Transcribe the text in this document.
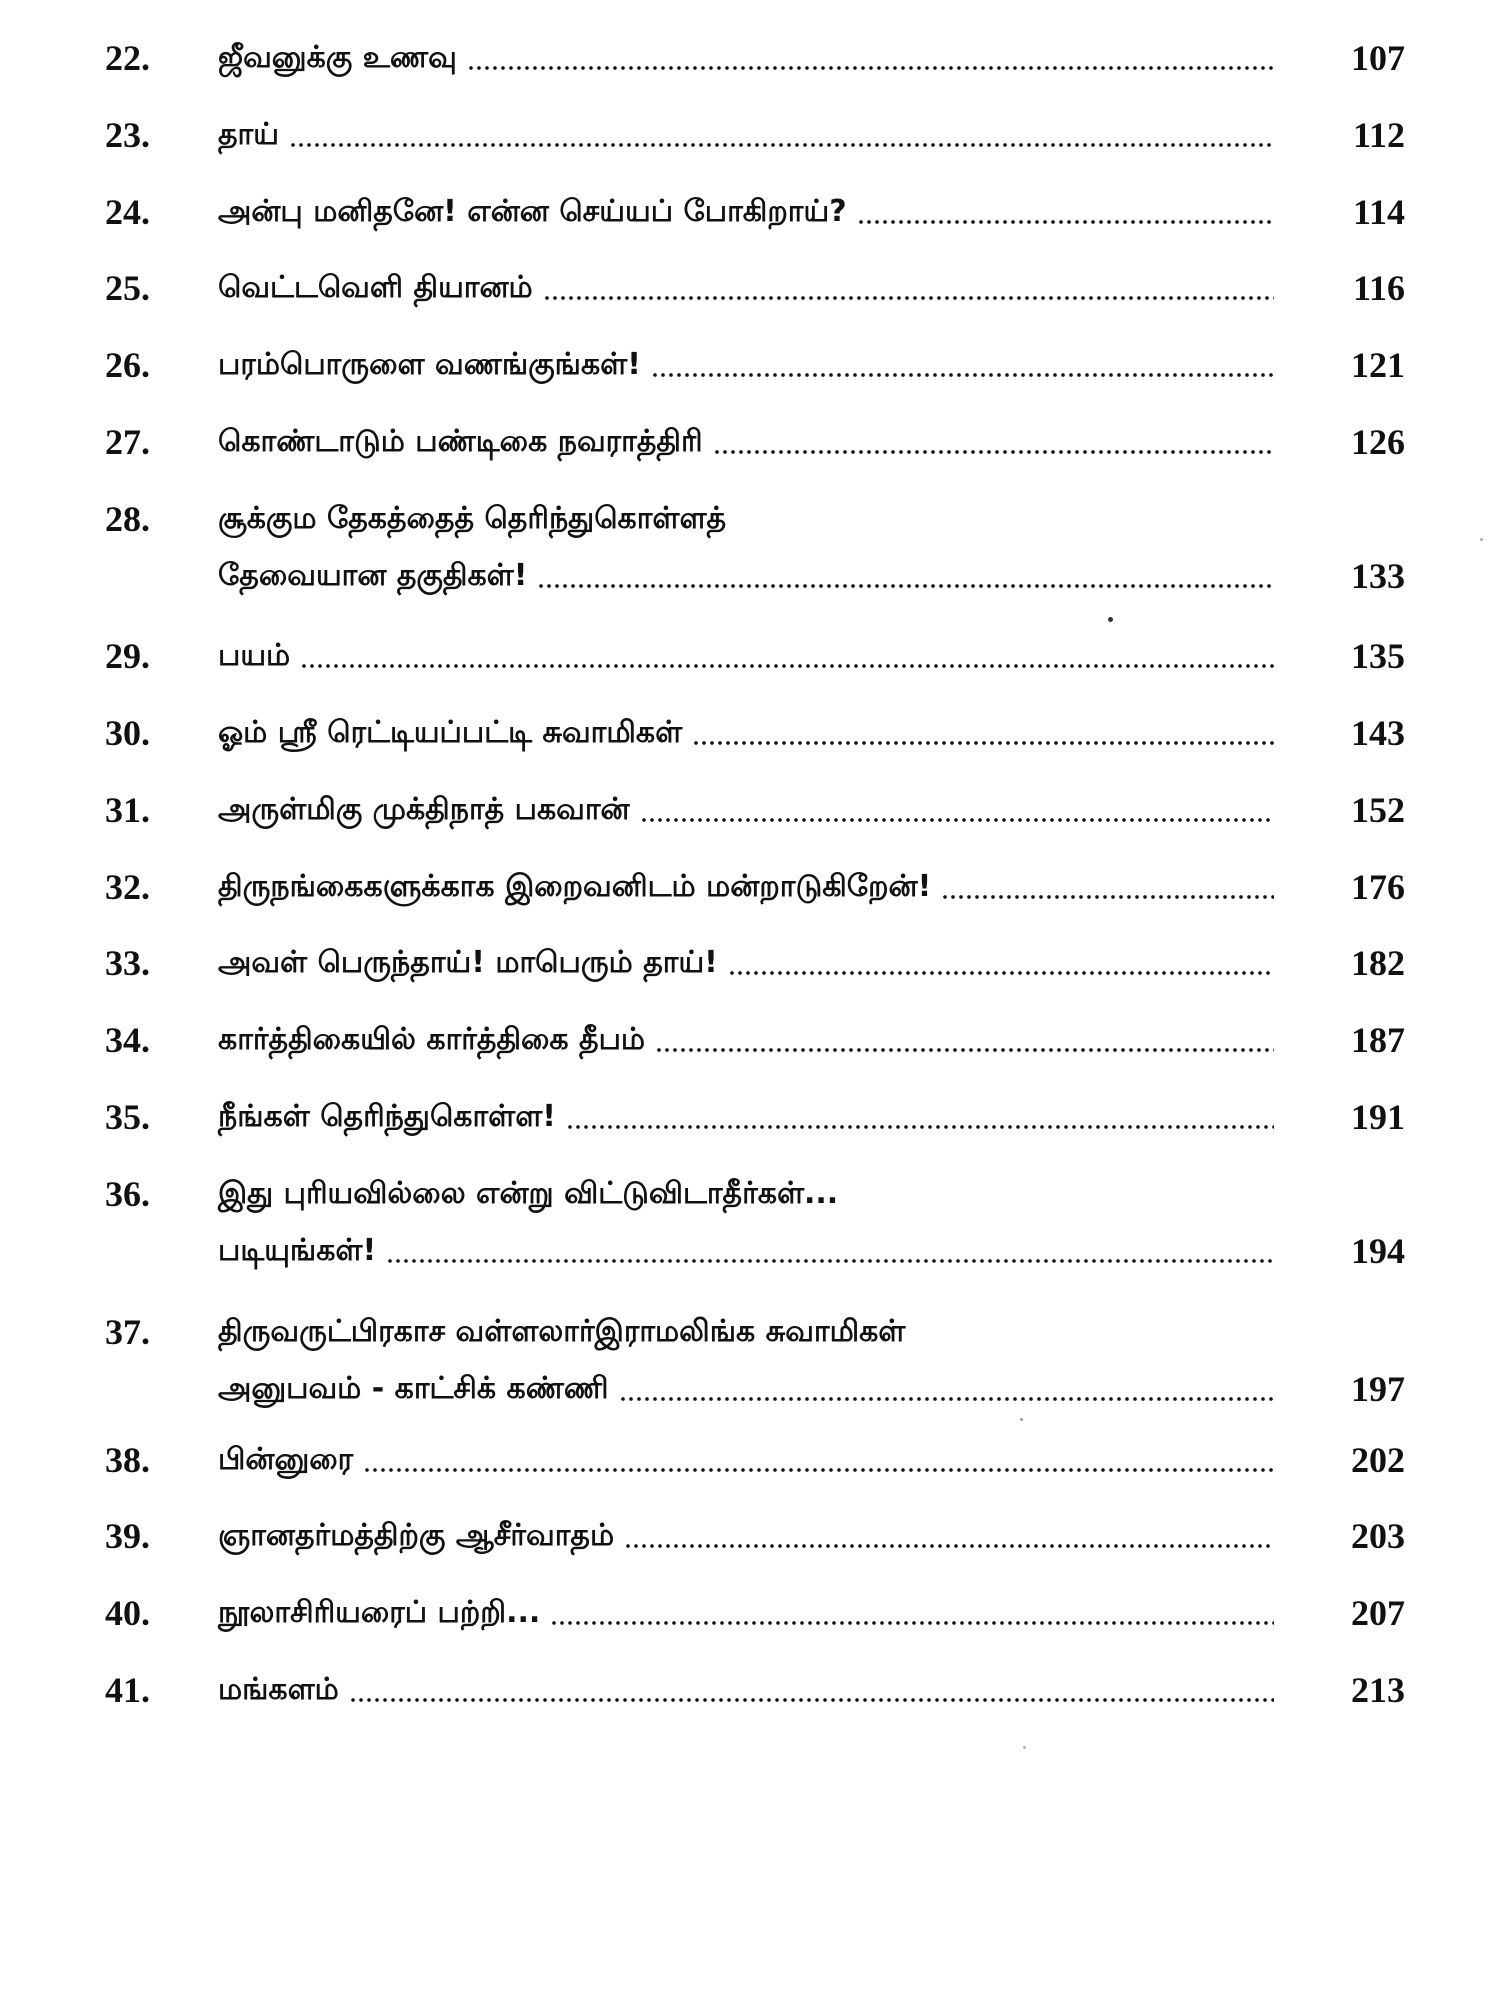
22.	ஜீவனுக்கு உணவு	107
23.	தாய்	112
24.	அன்பு மனிதனே! என்ன செய்யப் போகிறாய்?	114
25.	வெட்டவெளி தியானம்	116
26.	பரம்பொருளை வணங்குங்கள்!	121
27.	கொண்டாடும் பண்டிகை நவராத்திரி	126
28.	சூக்கும தேகத்தைத் தெரிந்துகொள்ளத்
தேவையான தகுதிகள்!	133
29.	பயம்	135
30.	ஓம் ஸ்ரீ ரெட்டியப்பட்டி சுவாமிகள்	143
31.	அருள்மிகு முக்திநாத் பகவான்	152
32.	திருநங்கைகளுக்காக இறைவனிடம் மன்றாடுகிறேன்!	176
33.	அவள் பெருந்தாய்! மாபெரும் தாய்!	182
34.	கார்த்திகையில் கார்த்திகை தீபம்	187
35.	நீங்கள் தெரிந்துகொள்ள!	191
36.	இது புரியவில்லை என்று விட்டுவிடாதீர்கள்...
படியுங்கள்!	194
37.	திருவருட்பிரகாச வள்ளலார்இராமலிங்க சுவாமிகள்
அனுபவம் - காட்சிக் கண்ணி	197
38.	பின்னுரை	202
39.	ஞானதர்மத்திற்கு ஆசீர்வாதம்	203
40.	நூலாசிரியரைப் பற்றி...	207
41.	மங்களம்	213
